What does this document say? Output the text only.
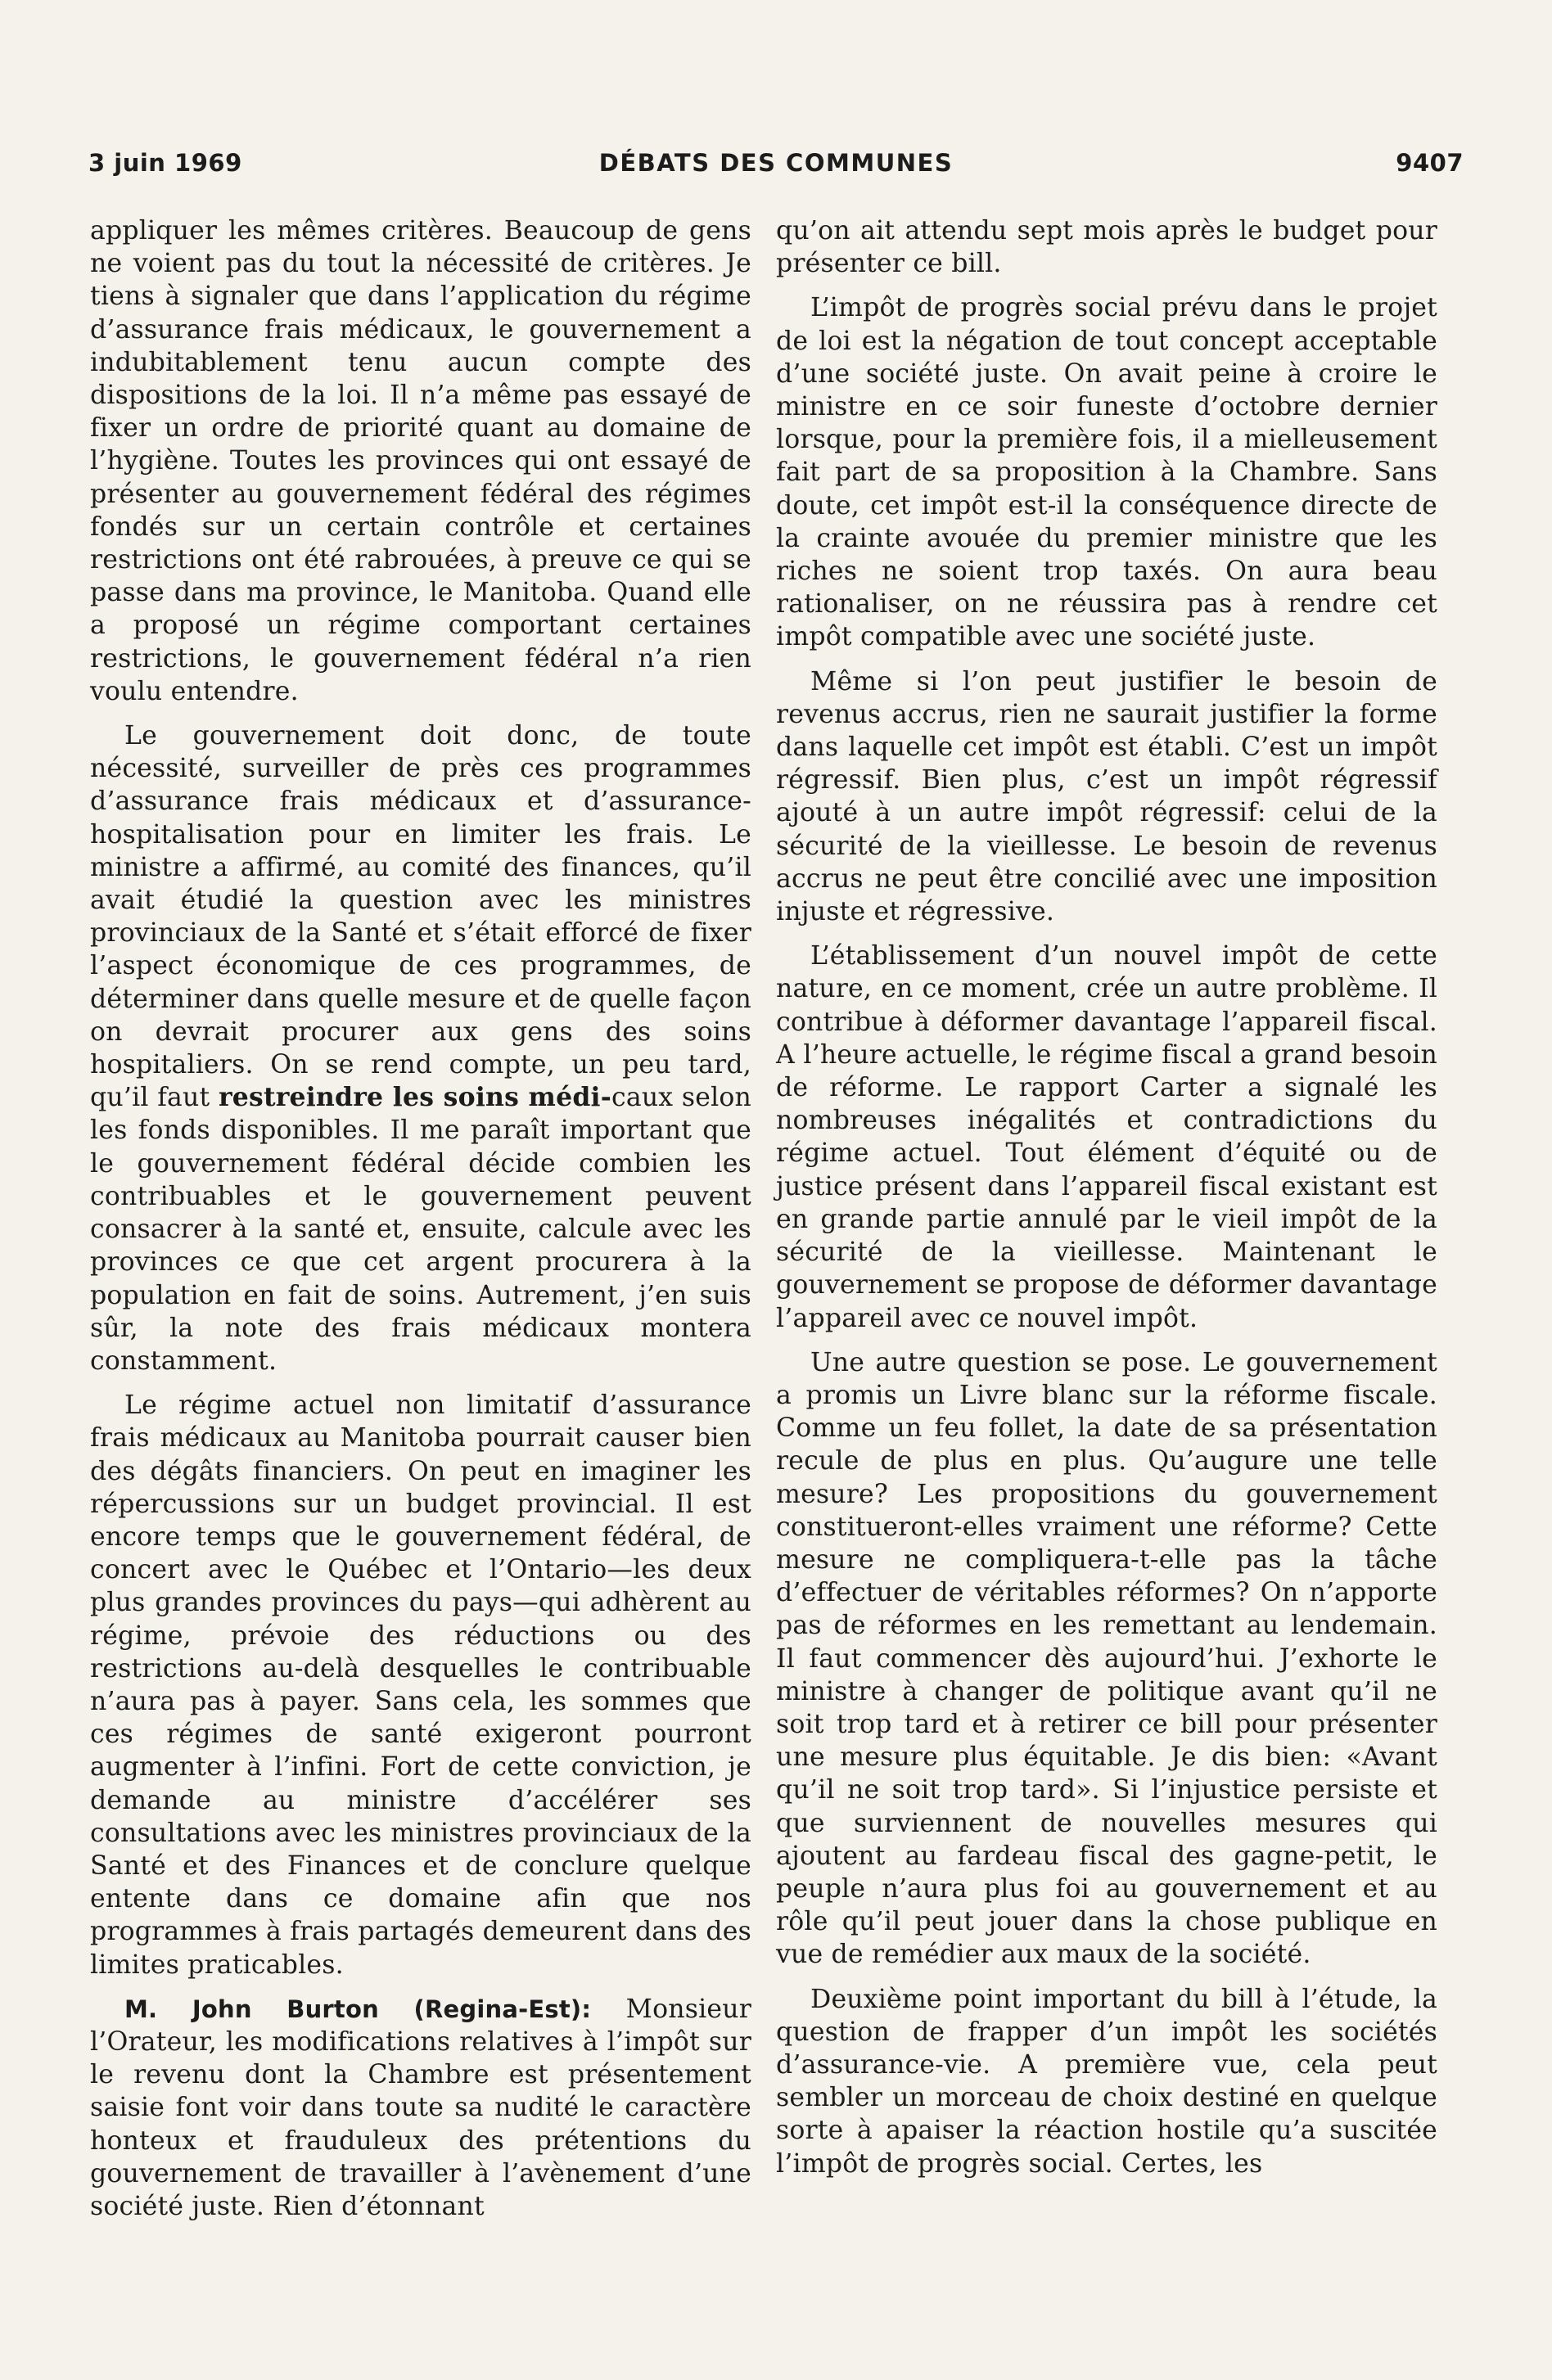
3 juin 1969	DÉBATS DES COMMUNES	9407

appliquer les mêmes critères. Beaucoup de gens ne voient pas du tout la nécessité de critères. Je tiens à signaler que dans l’application du régime d’assurance frais médicaux, le gouvernement a indubitablement tenu aucun compte des dispositions de la loi. Il n’a même pas essayé de fixer un ordre de priorité quant au domaine de l’hygiène. Toutes les provinces qui ont essayé de présenter au gouvernement fédéral des régimes fondés sur un certain contrôle et certaines restrictions ont été rabrouées, à preuve ce qui se passe dans ma province, le Manitoba. Quand elle a proposé un régime comportant certaines restrictions, le gouvernement fédéral n’a rien voulu entendre.

Le gouvernement doit donc, de toute nécessité, surveiller de près ces programmes d’assurance frais médicaux et d’assurance-hospitalisation pour en limiter les frais. Le ministre a affirmé, au comité des finances, qu’il avait étudié la question avec les ministres provinciaux de la Santé et s’était efforcé de fixer l’aspect économique de ces programmes, de déterminer dans quelle mesure et de quelle façon on devrait procurer aux gens des soins hospitaliers. On se rend compte, un peu tard, qu’il faut restreindre les soins médi-caux selon les fonds disponibles. Il me paraît important que le gouvernement fédéral décide combien les contribuables et le gouvernement peuvent consacrer à la santé et, ensuite, calcule avec les provinces ce que cet argent procurera à la population en fait de soins. Autrement, j’en suis sûr, la note des frais médicaux montera constamment.

Le régime actuel non limitatif d’assurance frais médicaux au Manitoba pourrait causer bien des dégâts financiers. On peut en imaginer les répercussions sur un budget provincial. Il est encore temps que le gouvernement fédéral, de concert avec le Québec et l’Ontario—les deux plus grandes provinces du pays—qui adhèrent au régime, prévoie des réductions ou des restrictions au-delà desquelles le contribuable n’aura pas à payer. Sans cela, les sommes que ces régimes de santé exigeront pourront augmenter à l’infini. Fort de cette conviction, je demande au ministre d’accélérer ses consultations avec les ministres provinciaux de la Santé et des Finances et de conclure quelque entente dans ce domaine afin que nos programmes à frais partagés demeurent dans des limites praticables.

M. John Burton (Regina-Est): Monsieur l’Orateur, les modifications relatives à l’impôt sur le revenu dont la Chambre est présentement saisie font voir dans toute sa nudité le caractère honteux et frauduleux des prétentions du gouvernement de travailler à l’avènement d’une société juste. Rien d’étonnant

qu’on ait attendu sept mois après le budget pour présenter ce bill.

L’impôt de progrès social prévu dans le projet de loi est la négation de tout concept acceptable d’une société juste. On avait peine à croire le ministre en ce soir funeste d’octobre dernier lorsque, pour la première fois, il a mielleusement fait part de sa proposition à la Chambre. Sans doute, cet impôt est-il la conséquence directe de la crainte avouée du premier ministre que les riches ne soient trop taxés. On aura beau rationaliser, on ne réussira pas à rendre cet impôt compatible avec une société juste.

Même si l’on peut justifier le besoin de revenus accrus, rien ne saurait justifier la forme dans laquelle cet impôt est établi. C’est un impôt régressif. Bien plus, c’est un impôt régressif ajouté à un autre impôt régressif: celui de la sécurité de la vieillesse. Le besoin de revenus accrus ne peut être concilié avec une imposition injuste et régressive.

L’établissement d’un nouvel impôt de cette nature, en ce moment, crée un autre problème. Il contribue à déformer davantage l’appareil fiscal. A l’heure actuelle, le régime fiscal a grand besoin de réforme. Le rapport Carter a signalé les nombreuses inégalités et contradictions du régime actuel. Tout élément d’équité ou de justice présent dans l’appareil fiscal existant est en grande partie annulé par le vieil impôt de la sécurité de la vieillesse. Maintenant le gouvernement se propose de déformer davantage l’appareil avec ce nouvel impôt.

Une autre question se pose. Le gouvernement a promis un Livre blanc sur la réforme fiscale. Comme un feu follet, la date de sa présentation recule de plus en plus. Qu’augure une telle mesure? Les propositions du gouvernement constitueront-elles vraiment une réforme? Cette mesure ne compliquera-t-elle pas la tâche d’effectuer de véritables réformes? On n’apporte pas de réformes en les remettant au lendemain. Il faut commencer dès aujourd’hui. J’exhorte le ministre à changer de politique avant qu’il ne soit trop tard et à retirer ce bill pour présenter une mesure plus équitable. Je dis bien: «Avant qu’il ne soit trop tard». Si l’injustice persiste et que surviennent de nouvelles mesures qui ajoutent au fardeau fiscal des gagne-petit, le peuple n’aura plus foi au gouvernement et au rôle qu’il peut jouer dans la chose publique en vue de remédier aux maux de la société.

Deuxième point important du bill à l’étude, la question de frapper d’un impôt les sociétés d’assurance-vie. A première vue, cela peut sembler un morceau de choix destiné en quelque sorte à apaiser la réaction hostile qu’a suscitée l’impôt de progrès social. Certes, les
